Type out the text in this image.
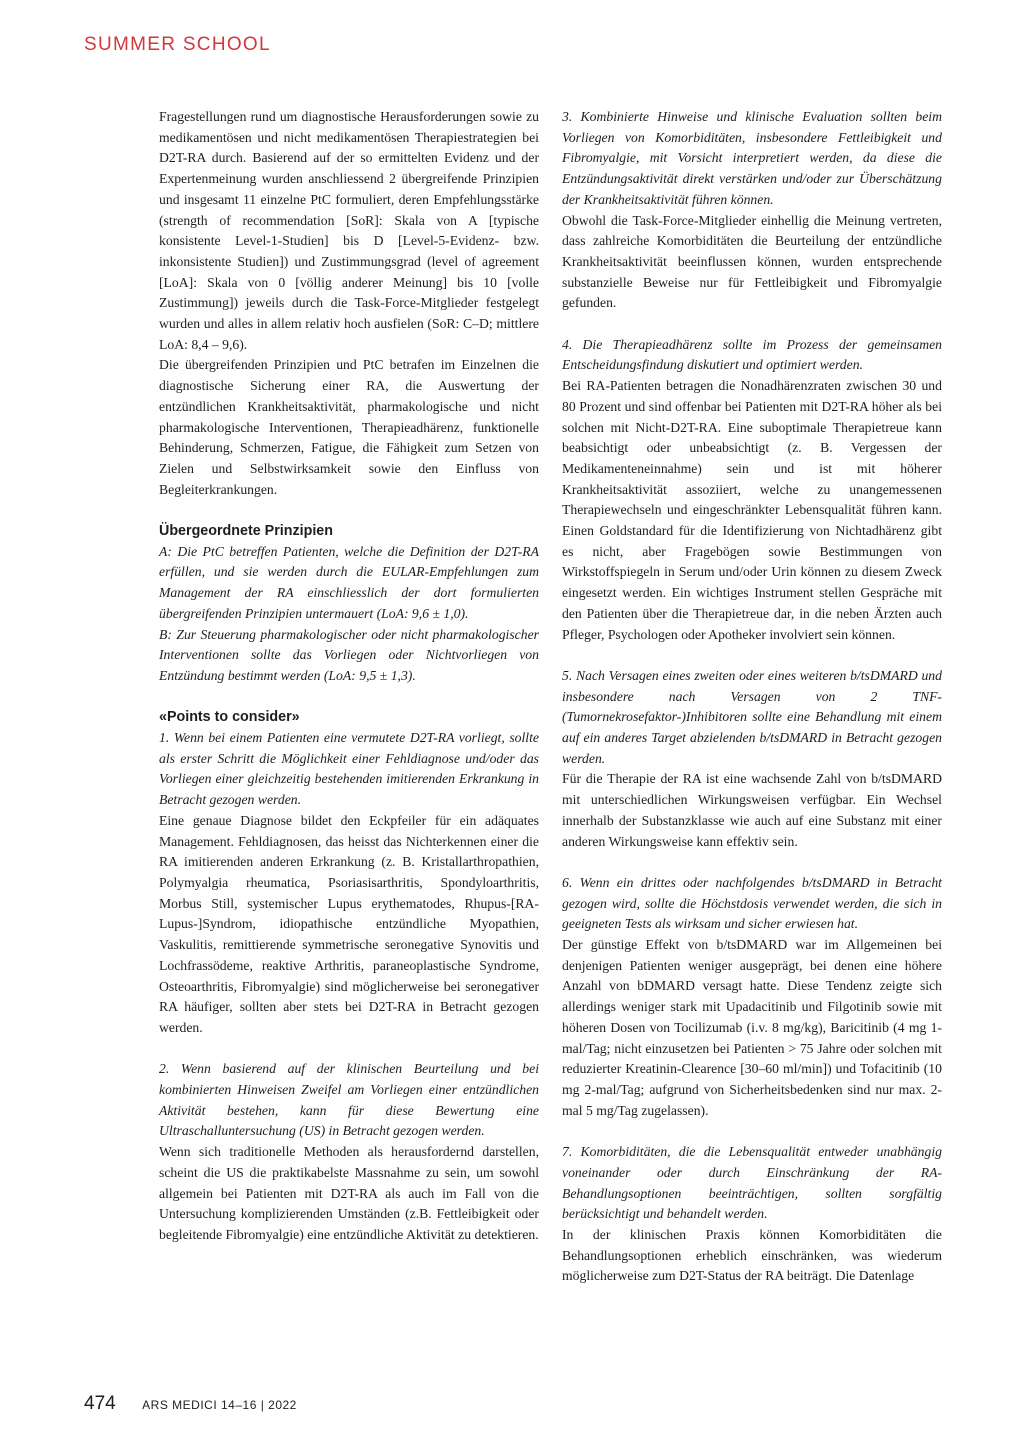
SUMMER SCHOOL

Fragestellungen rund um diagnostische Herausforderungen sowie zu medikamentösen und nicht medikamentösen Therapiestrategien bei D2T-RA durch. Basierend auf der so ermittelten Evidenz und der Expertenmeinung wurden anschliessend 2 übergreifende Prinzipien und insgesamt 11 einzelne PtC formuliert, deren Empfehlungsstärke (strength of recommendation [SoR]: Skala von A [typische konsistente Level-1-Studien] bis D [Level-5-Evidenz- bzw. inkonsistente Studien]) und Zustimmungsgrad (level of agreement [LoA]: Skala von 0 [völlig anderer Meinung] bis 10 [volle Zustimmung]) jeweils durch die Task-Force-Mitglieder festgelegt wurden und alles in allem relativ hoch ausfielen (SoR: C–D; mittlere LoA: 8,4 – 9,6).

Die übergreifenden Prinzipien und PtC betrafen im Einzelnen die diagnostische Sicherung einer RA, die Auswertung der entzündlichen Krankheitsaktivität, pharmakologische und nicht pharmakologische Interventionen, Therapieadhärenz, funktionelle Behinderung, Schmerzen, Fatigue, die Fähigkeit zum Setzen von Zielen und Selbstwirksamkeit sowie den Einfluss von Begleiterkrankungen.

Übergeordnete Prinzipien

A: Die PtC betreffen Patienten, welche die Definition der D2T-RA erfüllen, und sie werden durch die EULAR-Empfehlungen zum Management der RA einschliesslich der dort formulierten übergreifenden Prinzipien untermauert (LoA: 9,6 ± 1,0).

B: Zur Steuerung pharmakologischer oder nicht pharmakologischer Interventionen sollte das Vorliegen oder Nichtvorliegen von Entzündung bestimmt werden (LoA: 9,5 ± 1,3).

«Points to consider»

1. Wenn bei einem Patienten eine vermutete D2T-RA vorliegt, sollte als erster Schritt die Möglichkeit einer Fehldiagnose und/oder das Vorliegen einer gleichzeitig bestehenden imitierenden Erkrankung in Betracht gezogen werden.

Eine genaue Diagnose bildet den Eckpfeiler für ein adäquates Management. Fehldiagnosen, das heisst das Nichterkennen einer die RA imitierenden anderen Erkrankung (z. B. Kristallarthropathien, Polymyalgia rheumatica, Psoriasisarthritis, Spondyloarthritis, Morbus Still, systemischer Lupus erythematodes, Rhupus-[RA-Lupus-]Syndrom, idiopathische entzündliche Myopathien, Vaskulitis, remittierende symmetrische seronegative Synovitis und Lochfrassödeme, reaktive Arthritis, paraneoplastische Syndrome, Osteoarthritis, Fibromyalgie) sind möglicherweise bei seronegativer RA häufiger, sollten aber stets bei D2T-RA in Betracht gezogen werden.

2. Wenn basierend auf der klinischen Beurteilung und bei kombinierten Hinweisen Zweifel am Vorliegen einer entzündlichen Aktivität bestehen, kann für diese Bewertung eine Ultraschalluntersuchung (US) in Betracht gezogen werden.

Wenn sich traditionelle Methoden als herausfordernd darstellen, scheint die US die praktikabelste Massnahme zu sein, um sowohl allgemein bei Patienten mit D2T-RA als auch im Fall von die Untersuchung komplizierenden Umständen (z.B. Fettleibigkeit oder begleitende Fibromyalgie) eine entzündliche Aktivität zu detektieren.

3. Kombinierte Hinweise und klinische Evaluation sollten beim Vorliegen von Komorbiditäten, insbesondere Fettleibigkeit und Fibromyalgie, mit Vorsicht interpretiert werden, da diese die Entzündungsaktivität direkt verstärken und/oder zur Überschätzung der Krankheitsaktivität führen können.

Obwohl die Task-Force-Mitglieder einhellig die Meinung vertreten, dass zahlreiche Komorbiditäten die Beurteilung der entzündliche Krankheitsaktivität beeinflussen können, wurden entsprechende substanzielle Beweise nur für Fettleibigkeit und Fibromyalgie gefunden.

4. Die Therapieadhärenz sollte im Prozess der gemeinsamen Entscheidungsfindung diskutiert und optimiert werden.

Bei RA-Patienten betragen die Nonadhärenzraten zwischen 30 und 80 Prozent und sind offenbar bei Patienten mit D2T-RA höher als bei solchen mit Nicht-D2T-RA. Eine suboptimale Therapietreue kann beabsichtigt oder unbeabsichtigt (z. B. Vergessen der Medikamenteneinnahme) sein und ist mit höherer Krankheitsaktivität assoziiert, welche zu unangemessenen Therapiewechseln und eingeschränkter Lebensqualität führen kann. Einen Goldstandard für die Identifizierung von Nichtadhärenz gibt es nicht, aber Fragebögen sowie Bestimmungen von Wirkstoffspiegeln in Serum und/oder Urin können zu diesem Zweck eingesetzt werden. Ein wichtiges Instrument stellen Gespräche mit den Patienten über die Therapietreue dar, in die neben Ärzten auch Pfleger, Psychologen oder Apotheker involviert sein können.

5. Nach Versagen eines zweiten oder eines weiteren b/tsDMARD und insbesondere nach Versagen von 2 TNF-(Tumornekrosefaktor-)Inhibitoren sollte eine Behandlung mit einem auf ein anderes Target abzielenden b/tsDMARD in Betracht gezogen werden.

Für die Therapie der RA ist eine wachsende Zahl von b/tsDMARD mit unterschiedlichen Wirkungsweisen verfügbar. Ein Wechsel innerhalb der Substanzklasse wie auch auf eine Substanz mit einer anderen Wirkungsweise kann effektiv sein.

6. Wenn ein drittes oder nachfolgendes b/tsDMARD in Betracht gezogen wird, sollte die Höchstdosis verwendet werden, die sich in geeigneten Tests als wirksam und sicher erwiesen hat.

Der günstige Effekt von b/tsDMARD war im Allgemeinen bei denjenigen Patienten weniger ausgeprägt, bei denen eine höhere Anzahl von bDMARD versagt hatte. Diese Tendenz zeigte sich allerdings weniger stark mit Upadacitinib und Filgotinib sowie mit höheren Dosen von Tocilizumab (i.v. 8 mg/kg), Baricitinib (4 mg 1-mal/Tag; nicht einzusetzen bei Patienten > 75 Jahre oder solchen mit reduzierter Kreatinin-Clearence [30–60 ml/min]) und Tofacitinib (10 mg 2-mal/Tag; aufgrund von Sicherheitsbedenken sind nur max. 2-mal 5 mg/Tag zugelassen).

7. Komorbiditäten, die die Lebensqualität entweder unabhängig voneinander oder durch Einschränkung der RA-Behandlungsoptionen beeinträchtigen, sollten sorgfältig berücksichtigt und behandelt werden.

In der klinischen Praxis können Komorbiditäten die Behandlungsoptionen erheblich einschränken, was wiederum möglicherweise zum D2T-Status der RA beiträgt. Die Datenlage

474 ARS MEDICI 14–16 | 2022
